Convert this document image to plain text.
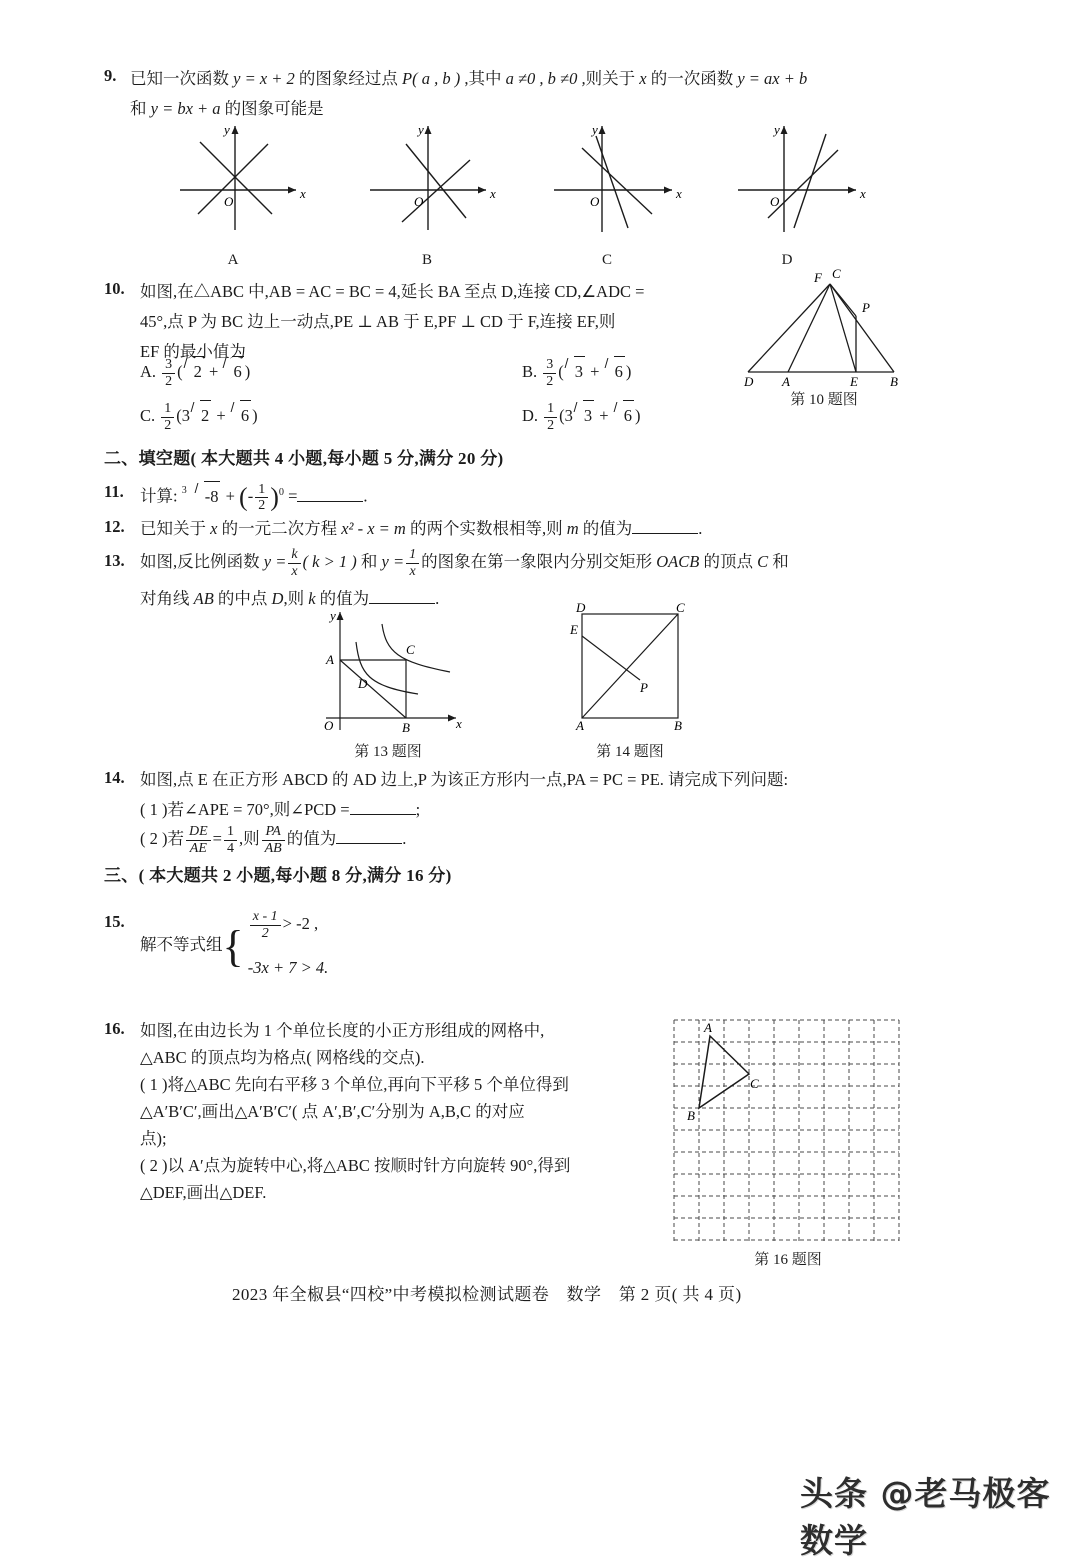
9. 已知一次函数 y = x + 2 的图象经过点 P( a , b ) ,其中 a ≠0 , b ≠0 ,则关于 x 的一次函数 y = ax + b
和 y = bx + a 的图象可能是
O
x
y
A
O
x
y
B
O
x
y
C
O
x
y
D
10. 如图,在△ABC 中,AB = AC = BC = 4,延长 BA 至点 D,连接 CD,∠ADC =
45°,点 P 为 BC 边上一动点,PE ⊥ AB 于 E,PF ⊥ CD 于 F,连接 EF,则
EF 的最小值为
A. $\frac{3}{2}$ ( 2 + 6 )	B. $\frac{3}{2}$ ( 3 + 6 )
C. $\frac{1}{2} (3$ 2 + 6 )	D. $\frac{1}{2} (3$ 3 + 6 )
D A	E B
F C
P
第 10 题图
二、填空题( 本大题共 4 小题,每小题 5 分,满分 20 分)
11. 计算: 3 -8 + (- $\frac{1}{2} )^0$ =	.
12. 已知关于 x 的一元二次方程 x² - x = m 的两个实数根相等,则 m 的值为	.
13. 如图,反比例函数 $y = \frac{k}{x}$ ( k > 1 ) 和 $y = \frac{1}{x}$ 的图象在第一象限内分别交矩形 OACB 的顶点 C 和
对角线 AB 的中点 D,则 k 的值为	.
O
A
B
C
D
x
y
第 13 题图
A	B
C
D
E
P
第 14 题图
14. 如图,点 E 在正方形 ABCD 的 AD 边上,P 为该正方形内一点,PA = PC = PE. 请完成下列问题:
( 1 )若∠APE = 70°,则∠PCD =	;
( 2 )若 $\frac{DE}{AE} = \frac{1}{4}$ ,则 $\frac{PA}{AB}$ 的值为	.
三、( 本大题共 2 小题,每小题 8 分,满分 16 分)
15.
解不等式组{ $\frac{x - 1}{2} > -2$ ,
-3x + 7 > 4.
16. 如图,在由边长为 1 个单位长度的小正方形组成的网格中,
△ABC 的顶点均为格点( 网格线的交点).
( 1 )将△ABC 先向右平移 3 个单位,再向下平移 5 个单位得到
△A′B′C′,画出△A′B′C′( 点 A′,B′,C′分别为 A,B,C 的对应
点);
( 2 )以 A′点为旋转中心,将△ABC 按顺时针方向旋转 90°,得到
△DEF,画出△DEF.
A
B
C
第 16 题图
2023 年全椒县“四校”中考模拟检测试题卷　数学　第 2 页( 共 4 页)
头条 @老马极客数学
